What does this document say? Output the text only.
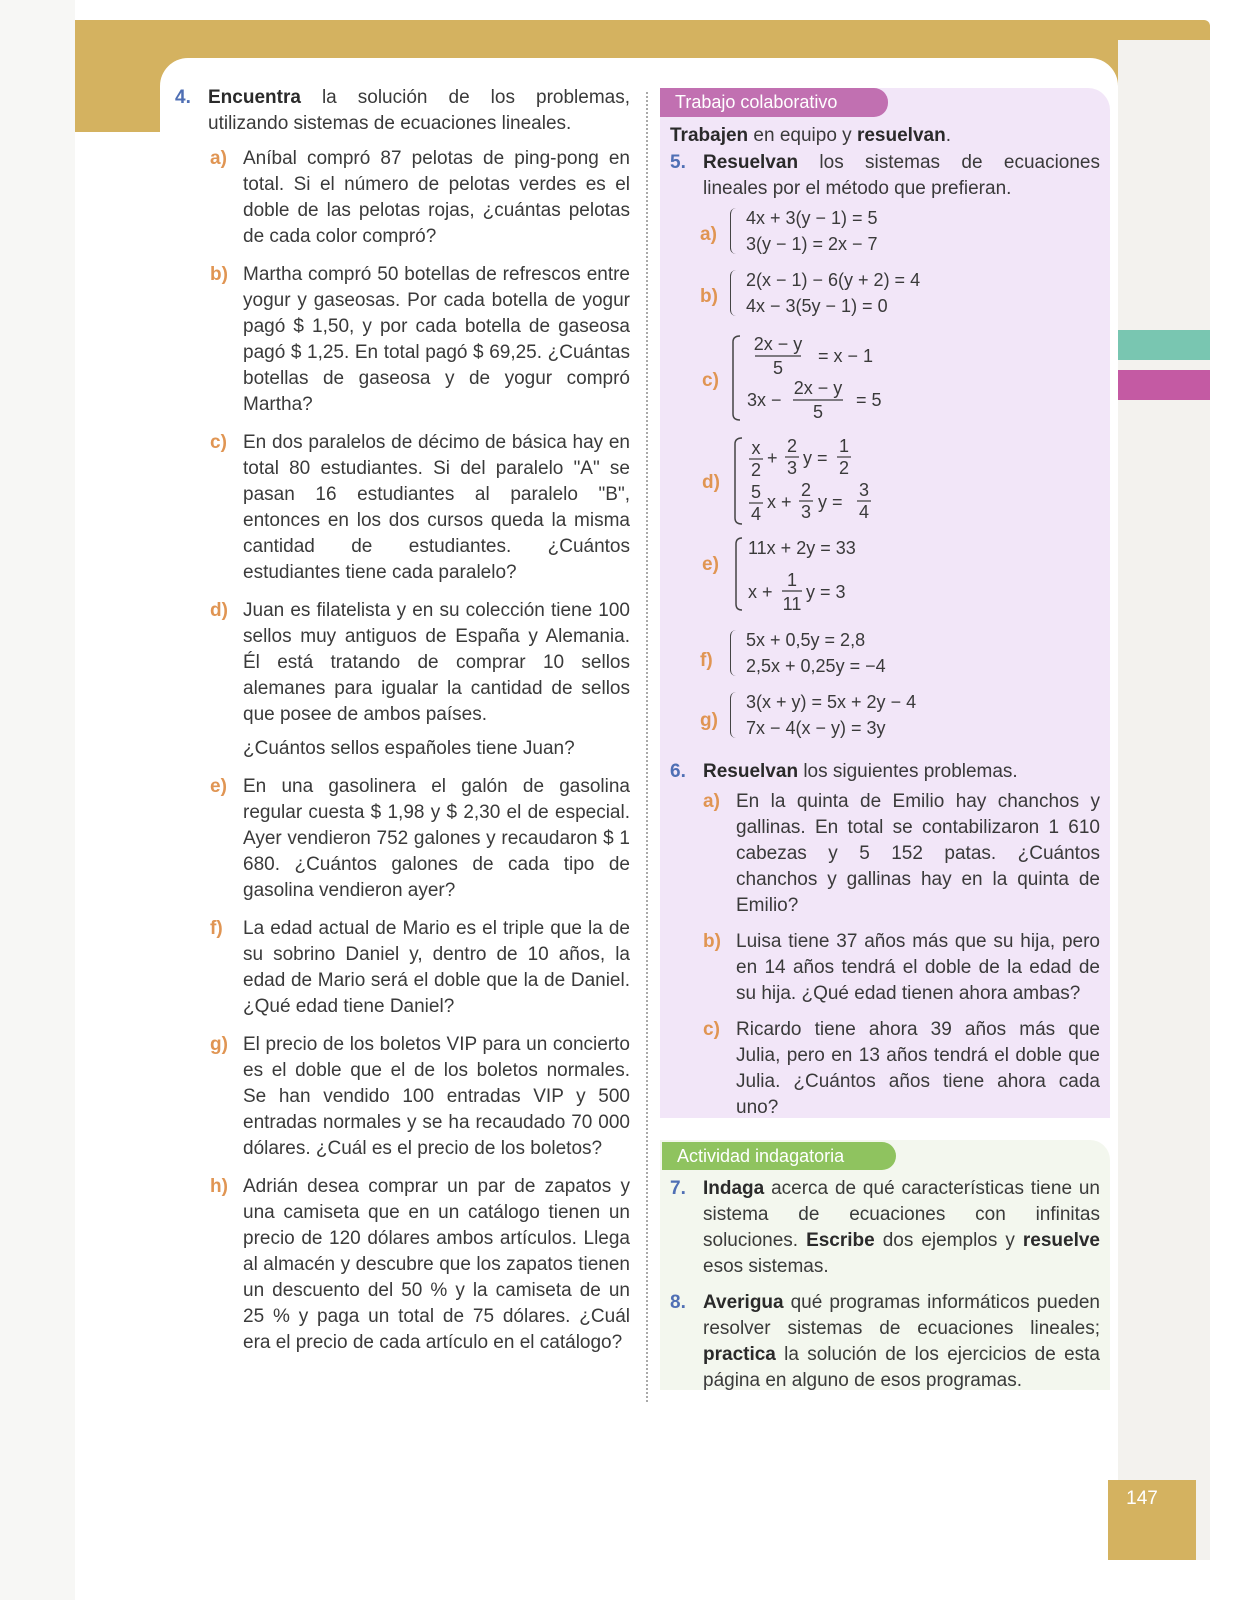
4. Encuentra la solución de los problemas, utilizando sistemas de ecuaciones lineales.
a) Aníbal compró 87 pelotas de ping-pong en total. Si el número de pelotas verdes es el doble de las pelotas rojas, ¿cuántas pelotas de cada color compró?
b) Martha compró 50 botellas de refrescos entre yogur y gaseosas. Por cada botella de yogur pagó $ 1,50, y por cada botella de gaseosa pagó $ 1,25. En total pagó $ 69,25. ¿Cuántas botellas de gaseosa y de yogur compró Martha?
c) En dos paralelos de décimo de básica hay en total 80 estudiantes. Si del paralelo "A" se pasan 16 estudiantes al paralelo "B", entonces en los dos cursos queda la misma cantidad de estudiantes. ¿Cuántos estudiantes tiene cada paralelo?
d) Juan es filatelista y en su colección tiene 100 sellos muy antiguos de España y Alemania. Él está tratando de comprar 10 sellos alemanes para igualar la cantidad de sellos que posee de ambos países.
¿Cuántos sellos españoles tiene Juan?
e) En una gasolinera el galón de gasolina regular cuesta $ 1,98 y $ 2,30 el de especial. Ayer vendieron 752 galones y recaudaron $ 1 680. ¿Cuántos galones de cada tipo de gasolina vendieron ayer?
f)	La edad actual de Mario es el triple que la de su sobrino Daniel y, dentro de 10 años, la edad de Mario será el doble que la de Daniel. ¿Qué edad tiene Daniel?
g) El precio de los boletos VIP para un concierto es el doble que el de los boletos normales. Se han vendido 100 entradas VIP y 500 entradas normales y se ha recaudado 70 000 dólares. ¿Cuál es el precio de los boletos?
h) Adrián desea comprar un par de zapatos y una camiseta que en un catálogo tienen un precio de 120 dólares ambos artículos. Llega al almacén y descubre que los zapatos tienen un descuento del 50 % y la camiseta de un 25 % y paga un total de 75 dólares. ¿Cuál era el precio de cada artículo en el catálogo?
Trabajo colaborativo
Trabajen en equipo y resuelvan.
5. Resuelvan los sistemas de ecuaciones lineales por el método que prefieran.
a)
4x + 3(y − 1) = 5
3(y − 1) = 2x − 7
b)
2(x − 1) − 6(y + 2) = 4
4x − 3(5y − 1) = 0
c)
2x − y
5
= x − 1
3x −
2x − y
5
= 5
d)
x
2
+
2
3 y =
1
2
5
4
x +
2
3 y =
3
4
e)
11x + 2y = 33
x +
1
11
y = 3
f)
5x + 0,5y = 2,8
2,5x + 0,25y = −4
g)
3(x + y) = 5x + 2y − 4
7x − 4(x − y) = 3y
6. Resuelvan los siguientes problemas.
a) En la quinta de Emilio hay chanchos y gallinas. En total se contabilizaron 1 610 cabezas y 5 152 patas. ¿Cuántos chanchos y gallinas hay en la quinta de Emilio?
b) Luisa tiene 37 años más que su hija, pero en 14 años tendrá el doble de la edad de su hija. ¿Qué edad tienen ahora ambas?
c) Ricardo tiene ahora 39 años más que Julia, pero en 13 años tendrá el doble que Julia. ¿Cuántos años tiene ahora cada uno?
Actividad indagatoria
7. Indaga acerca de qué características tiene un sistema de ecuaciones con infinitas soluciones. Escribe dos ejemplos y resuelve esos sistemas.
8. Averigua qué programas informáticos pueden resolver sistemas de ecuaciones lineales; practica la solución de los ejercicios de esta página en alguno de esos programas.
147
